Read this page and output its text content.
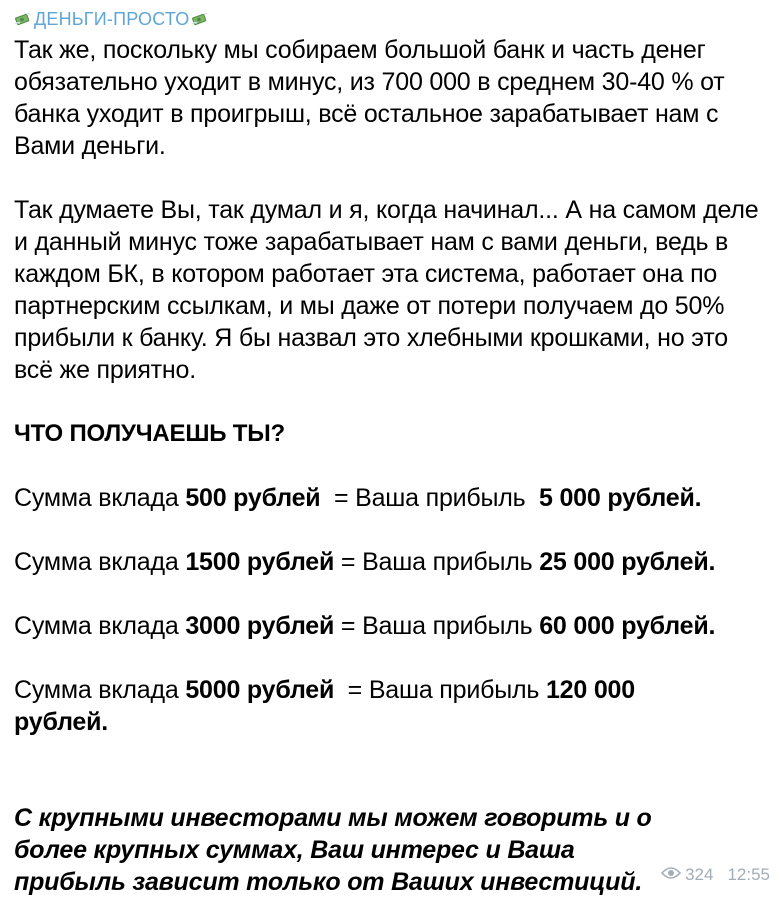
ДЕНЬГИ-ПРОСТО

Так же, поскольку мы собираем большой банк и часть денег обязательно уходит в минус, из 700 000 в среднем 30-40 % от банка уходит в проигрыш, всё остальное зарабатывает нам с Вами деньги.

Так думаете Вы, так думал и я, когда начинал... А на самом деле и данный минус тоже зарабатывает нам с вами деньги, ведь в каждом БК, в котором работает эта система, работает она по партнерским ссылкам, и мы даже от потери получаем до 50% прибыли к банку. Я бы назвал это хлебными крошками, но это всё же приятно.

ЧТО ПОЛУЧАЕШЬ ТЫ?

Сумма вклада 500 рублей  = Ваша прибыль  5 000 рублей.

Сумма вклада 1500 рублей = Ваша прибыль 25 000 рублей.

Сумма вклада 3000 рублей = Ваша прибыль 60 000 рублей.

Сумма вклада 5000 рублей  = Ваша прибыль 120 000 рублей.

С крупными инвесторами мы можем говорить и о более крупных суммах, Ваш интерес и Ваша прибыль зависит только от Ваших инвестиций.	324 12:55
